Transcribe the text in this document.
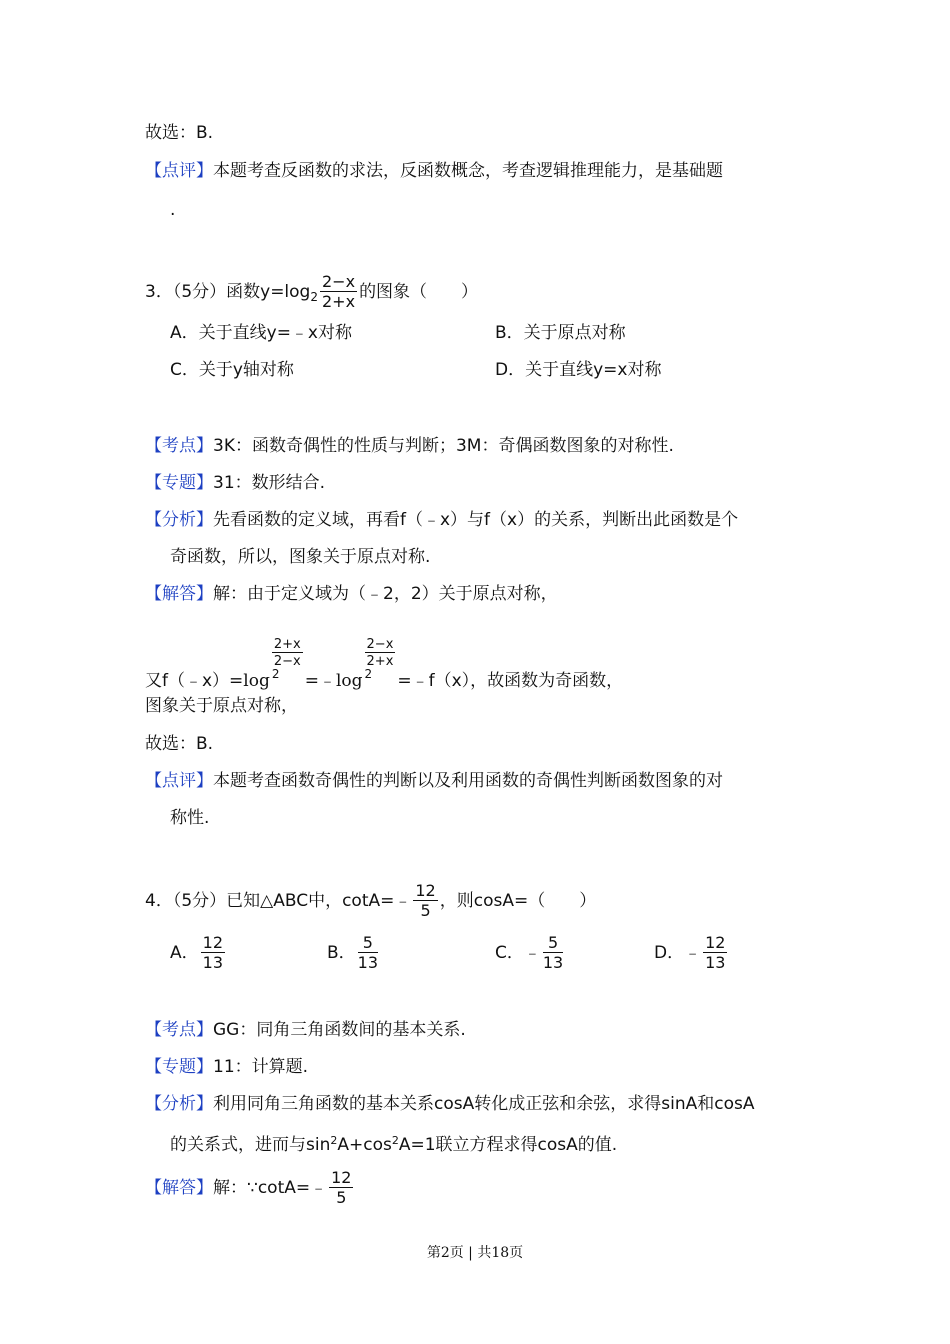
故选：B.
【点评】本题考查反函数的求法，反函数概念，考查逻辑推理能力，是基础题
.
3．（5分）函数$y=\log_2 \frac{2-x}{2+x}$ 的图象（　　）
A．关于直线y=﹣x对称	B．关于原点对称
C．关于y轴对称	D．关于直线y=x对称
【考点】3K：函数奇偶性的性质与判断；3M：奇偶函数图象的对称性.
【专题】31：数形结合.
【分析】先看函数的定义域，再看f（﹣x）与f（x）的关系，判断出此函数是个
奇函数，所以，图象关于原点对称.
【解答】解：由于定义域为（﹣2，2）关于原点对称，
又f（﹣x）=log
2+x
2−x
2	=﹣log
2−x
2+x
2	=﹣f（x），故函数为奇函数，
图象关于原点对称，
故选：B.
【点评】本题考查函数奇偶性的判断以及利用函数的奇偶性判断函数图象的对
称性.
4．（5分）已知△ABC中，cotA=﹣ $\frac{12}{5}$ ，则cosA=（　　）
A． $\frac{12}{13}$	B． $\frac{5}{13}$	C．﹣ $\frac{5}{13}$	D．﹣ $\frac{12}{13}$
【考点】GG：同角三角函数间的基本关系.
【专题】11：计算题.
【分析】利用同角三角函数的基本关系cosA转化成正弦和余弦，求得sinA和cosA
的关系式，进而与$\sin^2A+\cos^2A=1$联立方程求得cosA的值.
【解答】解：∵cotA=﹣ $\frac{12}{5}$
第2页 | 共18页
